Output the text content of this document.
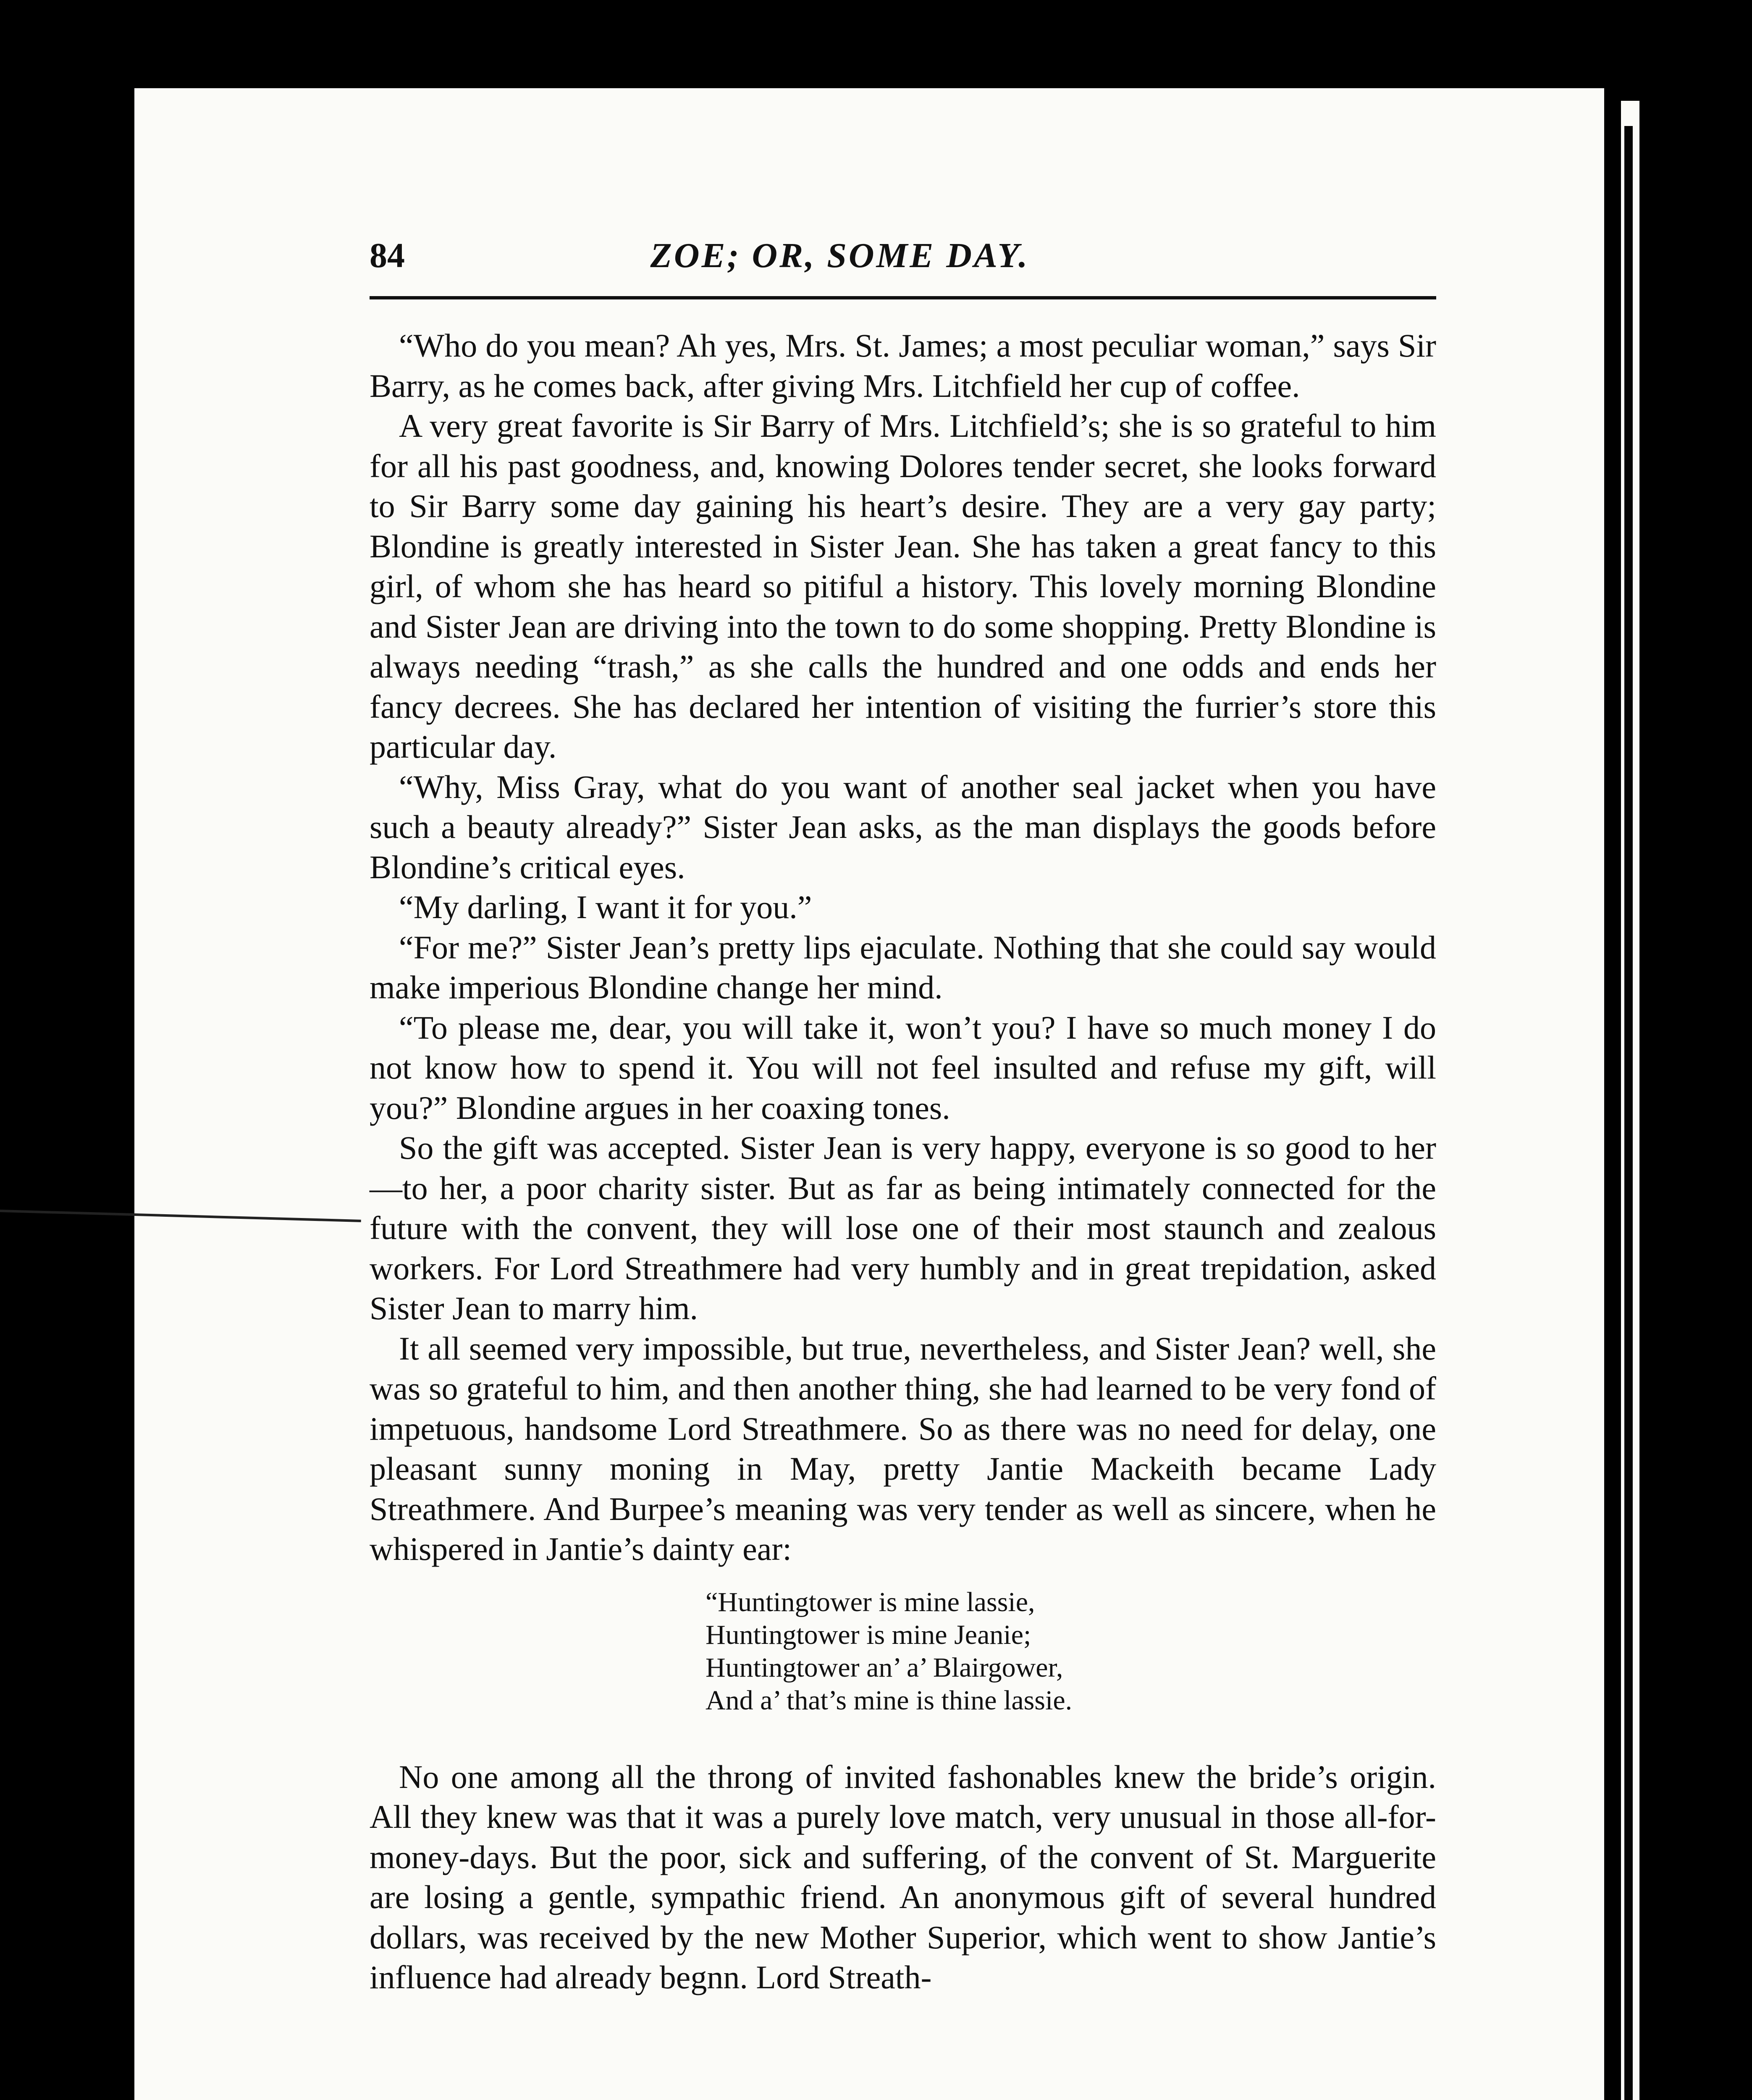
84	ZOE; OR, SOME DAY.

“Who do you mean? Ah yes, Mrs. St. James; a most peculiar woman,” says Sir Barry, as he comes back, after giving Mrs. Litchfield her cup of coffee.

A very great favorite is Sir Barry of Mrs. Litchfield’s; she is so grateful to him for all his past goodness, and, knowing Dolores tender secret, she looks forward to Sir Barry some day gaining his heart’s desire. They are a very gay party; Blondine is greatly interested in Sister Jean. She has taken a great fancy to this girl, of whom she has heard so pitiful a history. This lovely morning Blondine and Sister Jean are driving into the town to do some shopping. Pretty Blondine is always needing “trash,” as she calls the hundred and one odds and ends her fancy decrees. She has declared her intention of visiting the furrier’s store this particular day.

“Why, Miss Gray, what do you want of another seal jacket when you have such a beauty already?” Sister Jean asks, as the man displays the goods before Blondine’s critical eyes.

“My darling, I want it for you.”

“For me?” Sister Jean’s pretty lips ejaculate. Nothing that she could say would make imperious Blondine change her mind.

“To please me, dear, you will take it, won’t you? I have so much money I do not know how to spend it. You will not feel insulted and refuse my gift, will you?” Blondine argues in her coaxing tones.

So the gift was accepted. Sister Jean is very happy, everyone is so good to her—to her, a poor charity sister. But as far as being intimately connected for the future with the convent, they will lose one of their most staunch and zealous workers. For Lord Streathmere had very humbly and in great trepidation, asked Sister Jean to marry him.

It all seemed very impossible, but true, nevertheless, and Sister Jean? well, she was so grateful to him, and then another thing, she had learned to be very fond of impetuous, handsome Lord Streathmere. So as there was no need for delay, one pleasant sunny moning in May, pretty Jantie Mackeith became Lady Streathmere. And Burpee’s meaning was very tender as well as sincere, when he whispered in Jantie’s dainty ear:

“Huntingtower is mine lassie,
Huntingtower is mine Jeanie;
Huntingtower an’ a’ Blairgower,
And a’ that’s mine is thine lassie.

No one among all the throng of invited fashonables knew the bride’s origin. All they knew was that it was a purely love match, very unusual in those all-for-money-days. But the poor, sick and suffering, of the convent of St. Marguerite are losing a gentle, sympathic friend. An anonymous gift of several hundred dollars, was received by the new Mother Superior, which went to show Jantie’s influence had already begnn. Lord Streath-
